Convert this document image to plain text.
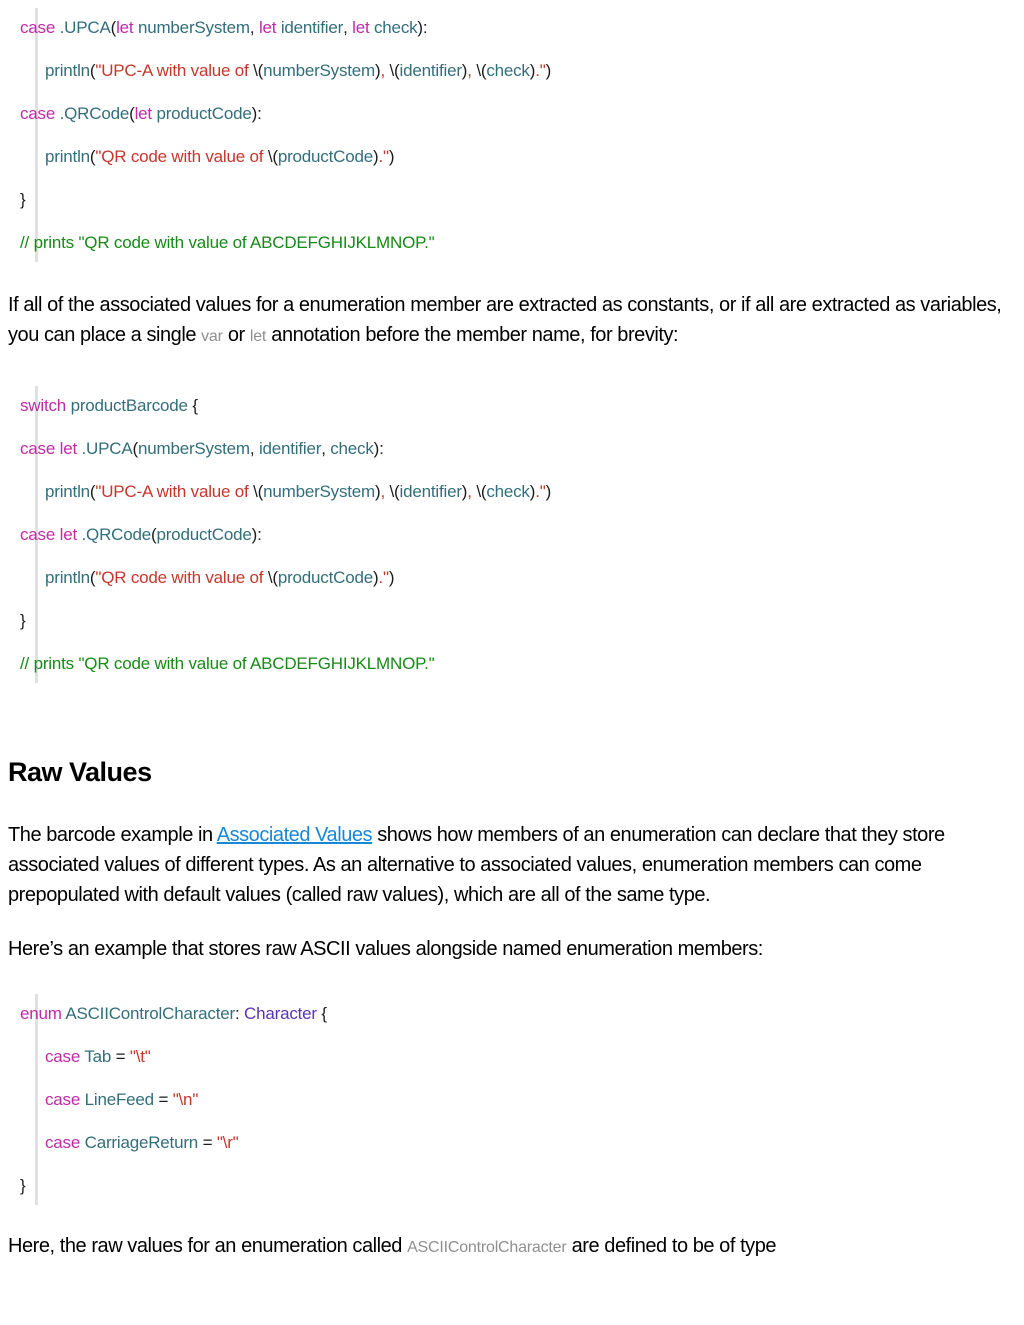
case
.UPCA ( let numberSystem , let identifier , let check ):
println ( "UPC-A with value of \( numberSystem ) , \( identifier ) , \( check ) ." )
case
.QRCode ( let productCode ):
println ( "QR code with value of \( productCode ) ." )
}
// prints "QR code with value of ABCDEFGHIJKLMNOP."

If all of the associated values for a enumeration member are extracted as constants, or if all are extracted as variables, you can place a single var or let annotation before the member name, for brevity:

switch productBarcode {
case
let
.UPCA ( numberSystem , identifier , check ):
println ( "UPC-A with value of \( numberSystem ) , \( identifier ) , \( check ) ." )
case
let
.QRCode ( productCode ):
println ( "QR code with value of \( productCode ) ." )
}
// prints "QR code with value of ABCDEFGHIJKLMNOP."
Raw Values

The barcode example in Associated Values shows how members of an enumeration can declare that they store associated values of different types. As an alternative to associated values, enumeration members can come prepopulated with default values (called raw values), which are all of the same type.

Here’s an example that stores raw ASCII values alongside named enumeration members:

enum ASCIIControlCharacter : Character {
case Tab = "\t"
case LineFeed = "\n"
case CarriageReturn = "\r"
}

Here, the raw values for an enumeration called ASCIIControlCharacter are defined to be of type
